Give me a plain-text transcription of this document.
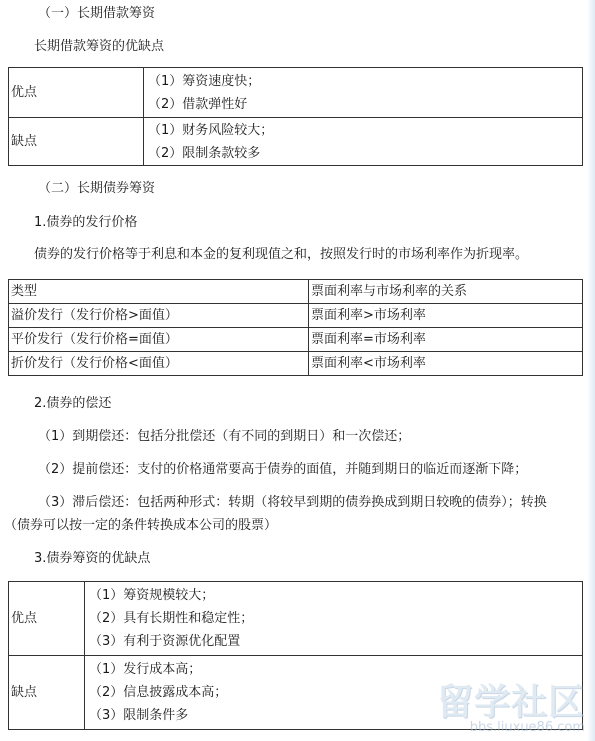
（一）长期借款筹资
长期借款筹资的优缺点
优点	（1）筹资速度快；
（2）借款弹性好

缺点	（1）财务风险较大；
（2）限制条款较多
（二）长期债券筹资
1.债券的发行价格
债券的发行价格等于利息和本金的复利现值之和，按照发行时的市场利率作为折现率。
类型	票面利率与市场利率的关系
溢价发行（发行价格>面值）	票面利率>市场利率
平价发行（发行价格=面值）	票面利率=市场利率
折价发行（发行价格<面值）	票面利率<市场利率
2.债券的偿还
（1）到期偿还：包括分批偿还（有不同的到期日）和一次偿还；
（2）提前偿还：支付的价格通常要高于债券的面值，并随到期日的临近而逐渐下降；
（3）滞后偿还：包括两种形式：转期（将较早到期的债券换成到期日较晚的债券）；转换
（债券可以按一定的条件转换成本公司的股票）
3.债券筹资的优缺点
优点	（1）筹资规模较大；
（2）具有长期性和稳定性；
（3）有利于资源优化配置

缺点	（1）发行成本高；
（2）信息披露成本高；
（3）限制条件多	留学社区
bbs.liuxue86.com
